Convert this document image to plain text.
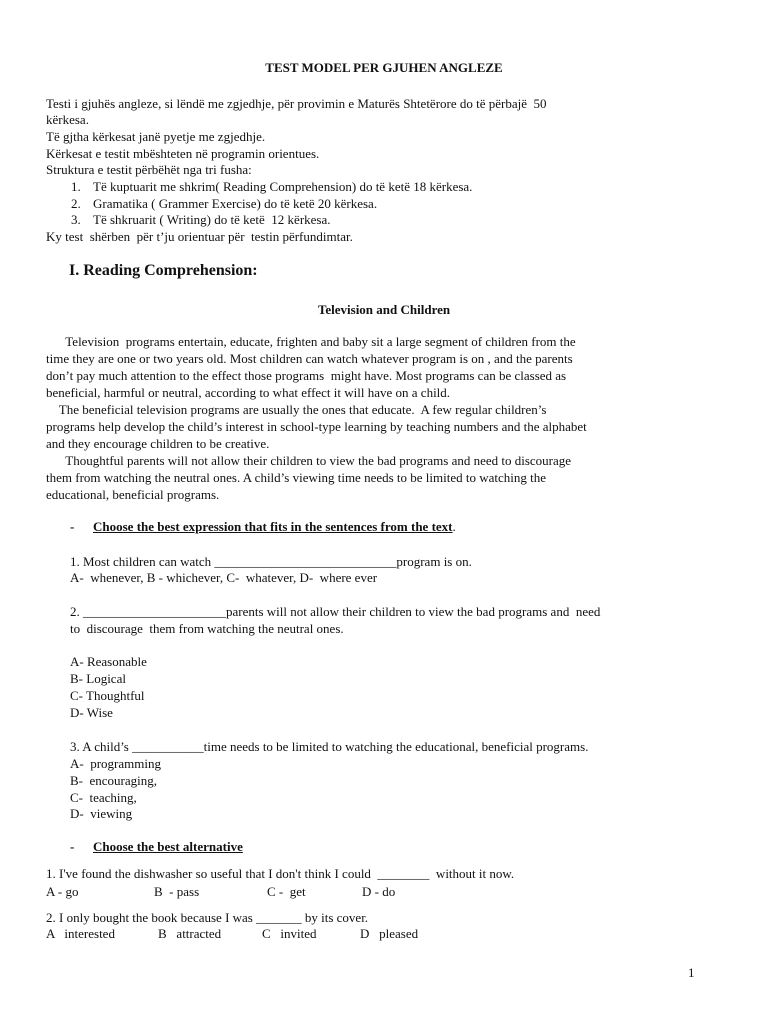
TEST MODEL PER GJUHEN ANGLEZE
Testi i gjuhës angleze, si lëndë me zgjedhje, për provimin e Maturës Shtetërore do të përbajë  50
kërkesa.
Të gjtha kërkesat janë pyetje me zgjedhje.
Kërkesat e testit mbështeten në programin orientues.
Struktura e testit përbëhët nga tri fusha:
1. Të kuptuarit me shkrim( Reading Comprehension) do të ketë 18 kërkesa.
2. Gramatika ( Grammer Exercise) do të ketë 20 kërkesa.
3. Të shkruarit ( Writing) do të ketë  12 kërkesa.
Ky test  shërben  për t’ju orientuar për  testin përfundimtar.
I. Reading Comprehension:
Television and Children
Television  programs entertain, educate, frighten and baby sit a large segment of children from the
time they are one or two years old. Most children can watch whatever program is on , and the parents
don’t pay much attention to the effect those programs  might have. Most programs can be classed as
beneficial, harmful or neutral, according to what effect it will have on a child.
The beneficial television programs are usually the ones that educate.  A few regular children’s
programs help develop the child’s interest in school-type learning by teaching numbers and the alphabet
and they encourage children to be creative.
Thoughtful parents will not allow their children to view the bad programs and need to discourage
them from watching the neutral ones. A child’s viewing time needs to be limited to watching the
educational, beneficial programs.
- Choose the best expression that fits in the sentences from the text.
1. Most children can watch ____________________________program is on.
A-  whenever, B - whichever, C-  whatever, D-  where ever
2. ______________________parents will not allow their children to view the bad programs and  need
to  discourage  them from watching the neutral ones.
A- Reasonable
B- Logical
C- Thoughtful
D- Wise
3. A child’s ___________time needs to be limited to watching the educational, beneficial programs.
A-  programming
B-  encouraging,
C-  teaching,
D-  viewing
- Choose the best alternative
1. I've found the dishwasher so useful that I don't think I could  ________  without it now.
A - go	B  - pass	C -  get	D - do
2. I only bought the book because I was _______ by its cover.
A   interested	B   attracted	C   invited	D   pleased
1
